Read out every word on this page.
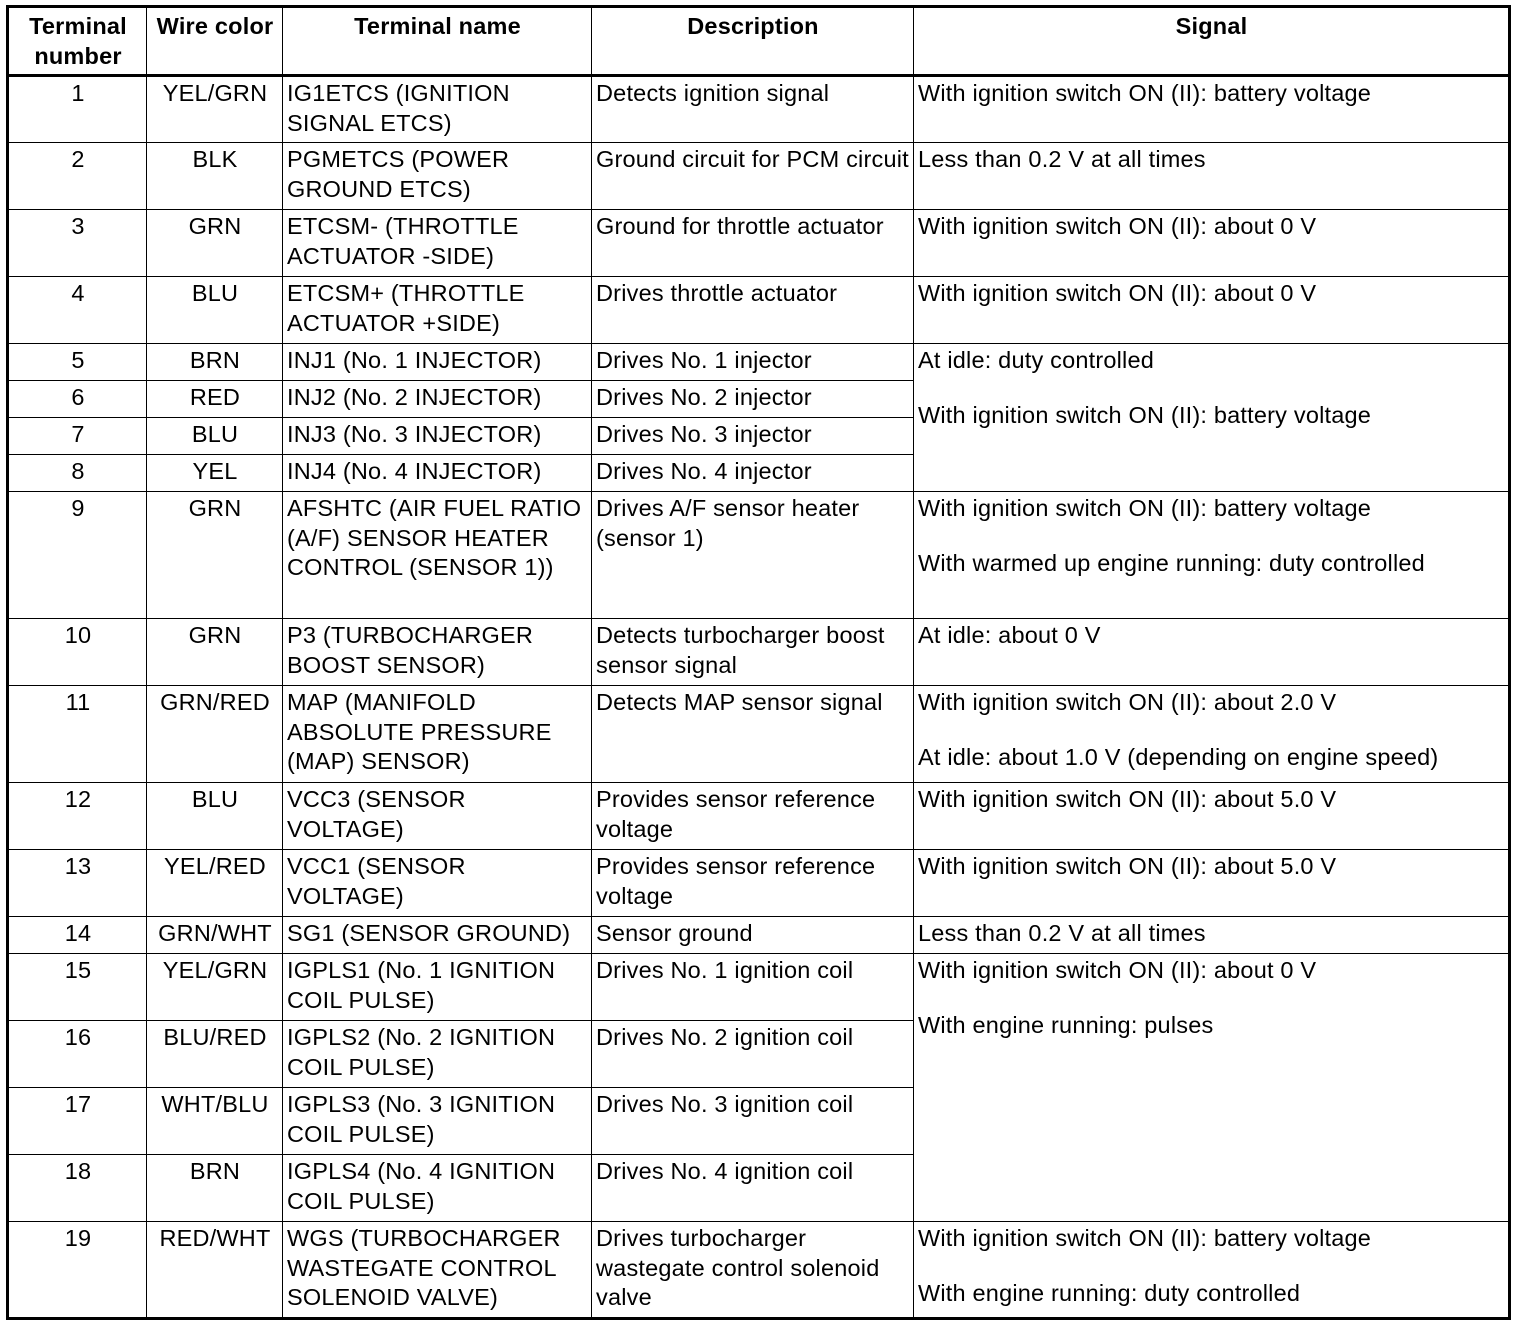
Terminal number	Wire color	Terminal name	Description	Signal
1	YEL/GRN	IG1ETCS (IGNITION SIGNAL ETCS)	Detects ignition signal	With ignition switch ON (II): battery voltage

2	BLK	PGMETCS (POWER GROUND ETCS)	Ground circuit for PCM circuit	Less than 0.2 V at all times

3	GRN	ETCSM- (THROTTLE ACTUATOR -SIDE)	Ground for throttle actuator	With ignition switch ON (II): about 0 V

4	BLU	ETCSM+ (THROTTLE ACTUATOR +SIDE)	Drives throttle actuator	With ignition switch ON (II): about 0 V

5	BRN	INJ1 (No. 1 INJECTOR)	Drives No. 1 injector	At idle: duty controlled
With ignition switch ON (II): battery voltage

6	RED	INJ2 (No. 2 INJECTOR)	Drives No. 2 injector	
7	BLU	INJ3 (No. 3 INJECTOR)	Drives No. 3 injector	
8	YEL	INJ4 (No. 4 INJECTOR)	Drives No. 4 injector	
9	GRN	AFSHTC (AIR FUEL RATIO (A/F) SENSOR HEATER CONTROL (SENSOR 1))	Drives A/F sensor heater (sensor 1)	With ignition switch ON (II): battery voltage
With warmed up engine running: duty controlled

10	GRN	P3 (TURBOCHARGER BOOST SENSOR)	Detects turbocharger boost sensor signal	At idle: about 0 V

11	GRN/RED	MAP (MANIFOLD ABSOLUTE PRESSURE (MAP) SENSOR)	Detects MAP sensor signal	With ignition switch ON (II): about 2.0 V
At idle: about 1.0 V (depending on engine speed)

12	BLU	VCC3 (SENSOR VOLTAGE)	Provides sensor reference voltage	With ignition switch ON (II): about 5.0 V

13	YEL/RED	VCC1 (SENSOR VOLTAGE)	Provides sensor reference voltage	With ignition switch ON (II): about 5.0 V

14	GRN/WHT	SG1 (SENSOR GROUND)	Sensor ground	Less than 0.2 V at all times

15	YEL/GRN	IGPLS1 (No. 1 IGNITION COIL PULSE)	Drives No. 1 ignition coil	With ignition switch ON (II): about 0 V
With engine running: pulses

16	BLU/RED	IGPLS2 (No. 2 IGNITION COIL PULSE)	Drives No. 2 ignition coil	
17	WHT/BLU	IGPLS3 (No. 3 IGNITION COIL PULSE)	Drives No. 3 ignition coil	
18	BRN	IGPLS4 (No. 4 IGNITION COIL PULSE)	Drives No. 4 ignition coil	
19	RED/WHT	WGS (TURBOCHARGER WASTEGATE CONTROL SOLENOID VALVE)	Drives turbocharger wastegate control solenoid valve	With ignition switch ON (II): battery voltage
With engine running: duty controlled
